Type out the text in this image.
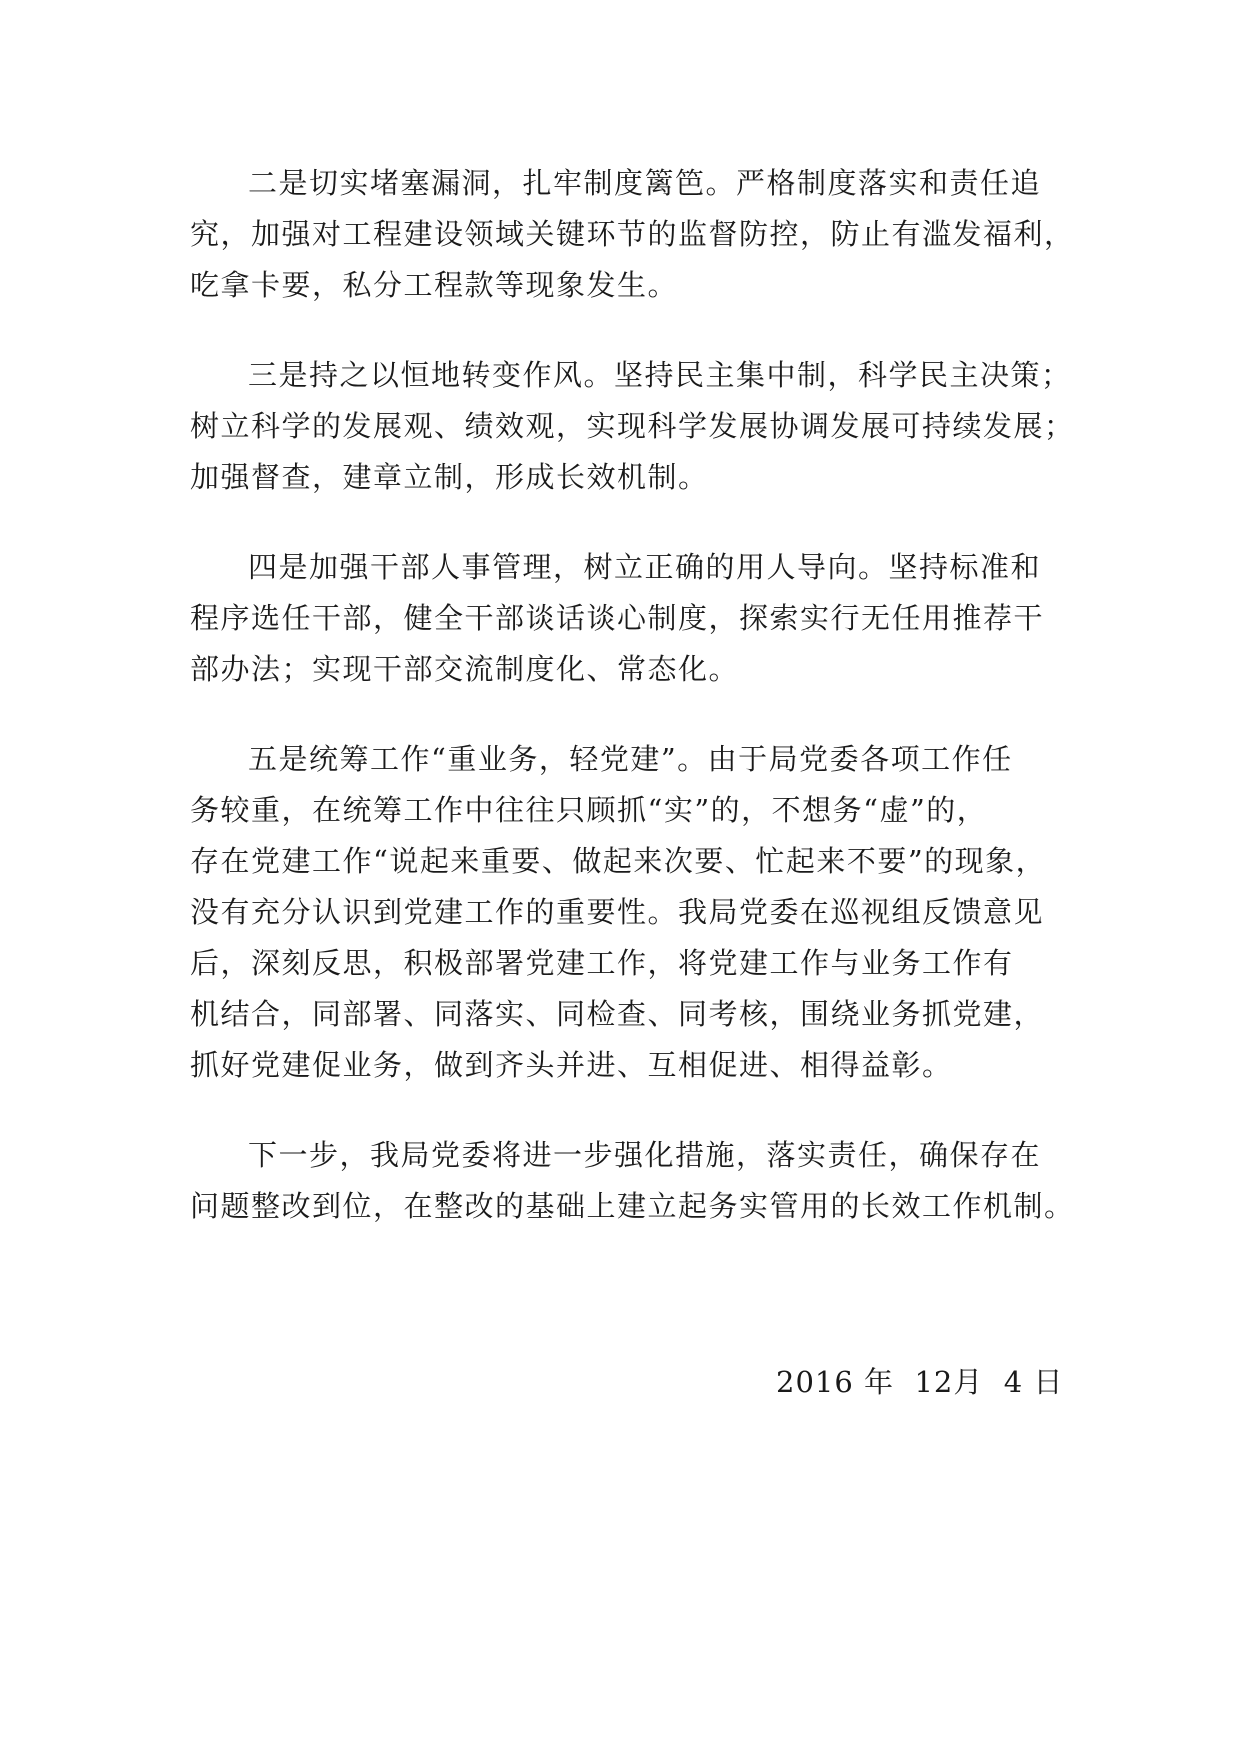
二是切实堵塞漏洞，扎牢制度篱笆。严格制度落实和责任追
究，加强对工程建设领域关键环节的监督防控，防止有滥发福利，
吃拿卡要，私分工程款等现象发生。
三是持之以恒地转变作风。坚持民主集中制，科学民主决策；
树立科学的发展观、绩效观，实现科学发展协调发展可持续发展；
加强督查，建章立制，形成长效机制。
四是加强干部人事管理，树立正确的用人导向。坚持标准和
程序选任干部，健全干部谈话谈心制度，探索实行无任用推荐干
部办法；实现干部交流制度化、常态化。
五是统筹工作“重业务，轻党建”。由于局党委各项工作任
务较重，在统筹工作中往往只顾抓“实”的，不想务“虚”的，
存在党建工作“说起来重要、做起来次要、忙起来不要”的现象，
没有充分认识到党建工作的重要性。我局党委在巡视组反馈意见
后，深刻反思，积极部署党建工作，将党建工作与业务工作有
机结合，同部署、同落实、同检查、同考核，围绕业务抓党建，
抓好党建促业务，做到齐头并进、互相促进、相得益彰。
下一步，我局党委将进一步强化措施，落实责任，确保存在
问题整改到位，在整改的基础上建立起务实管用的长效工作机制。
2016 年  12月  4 日
